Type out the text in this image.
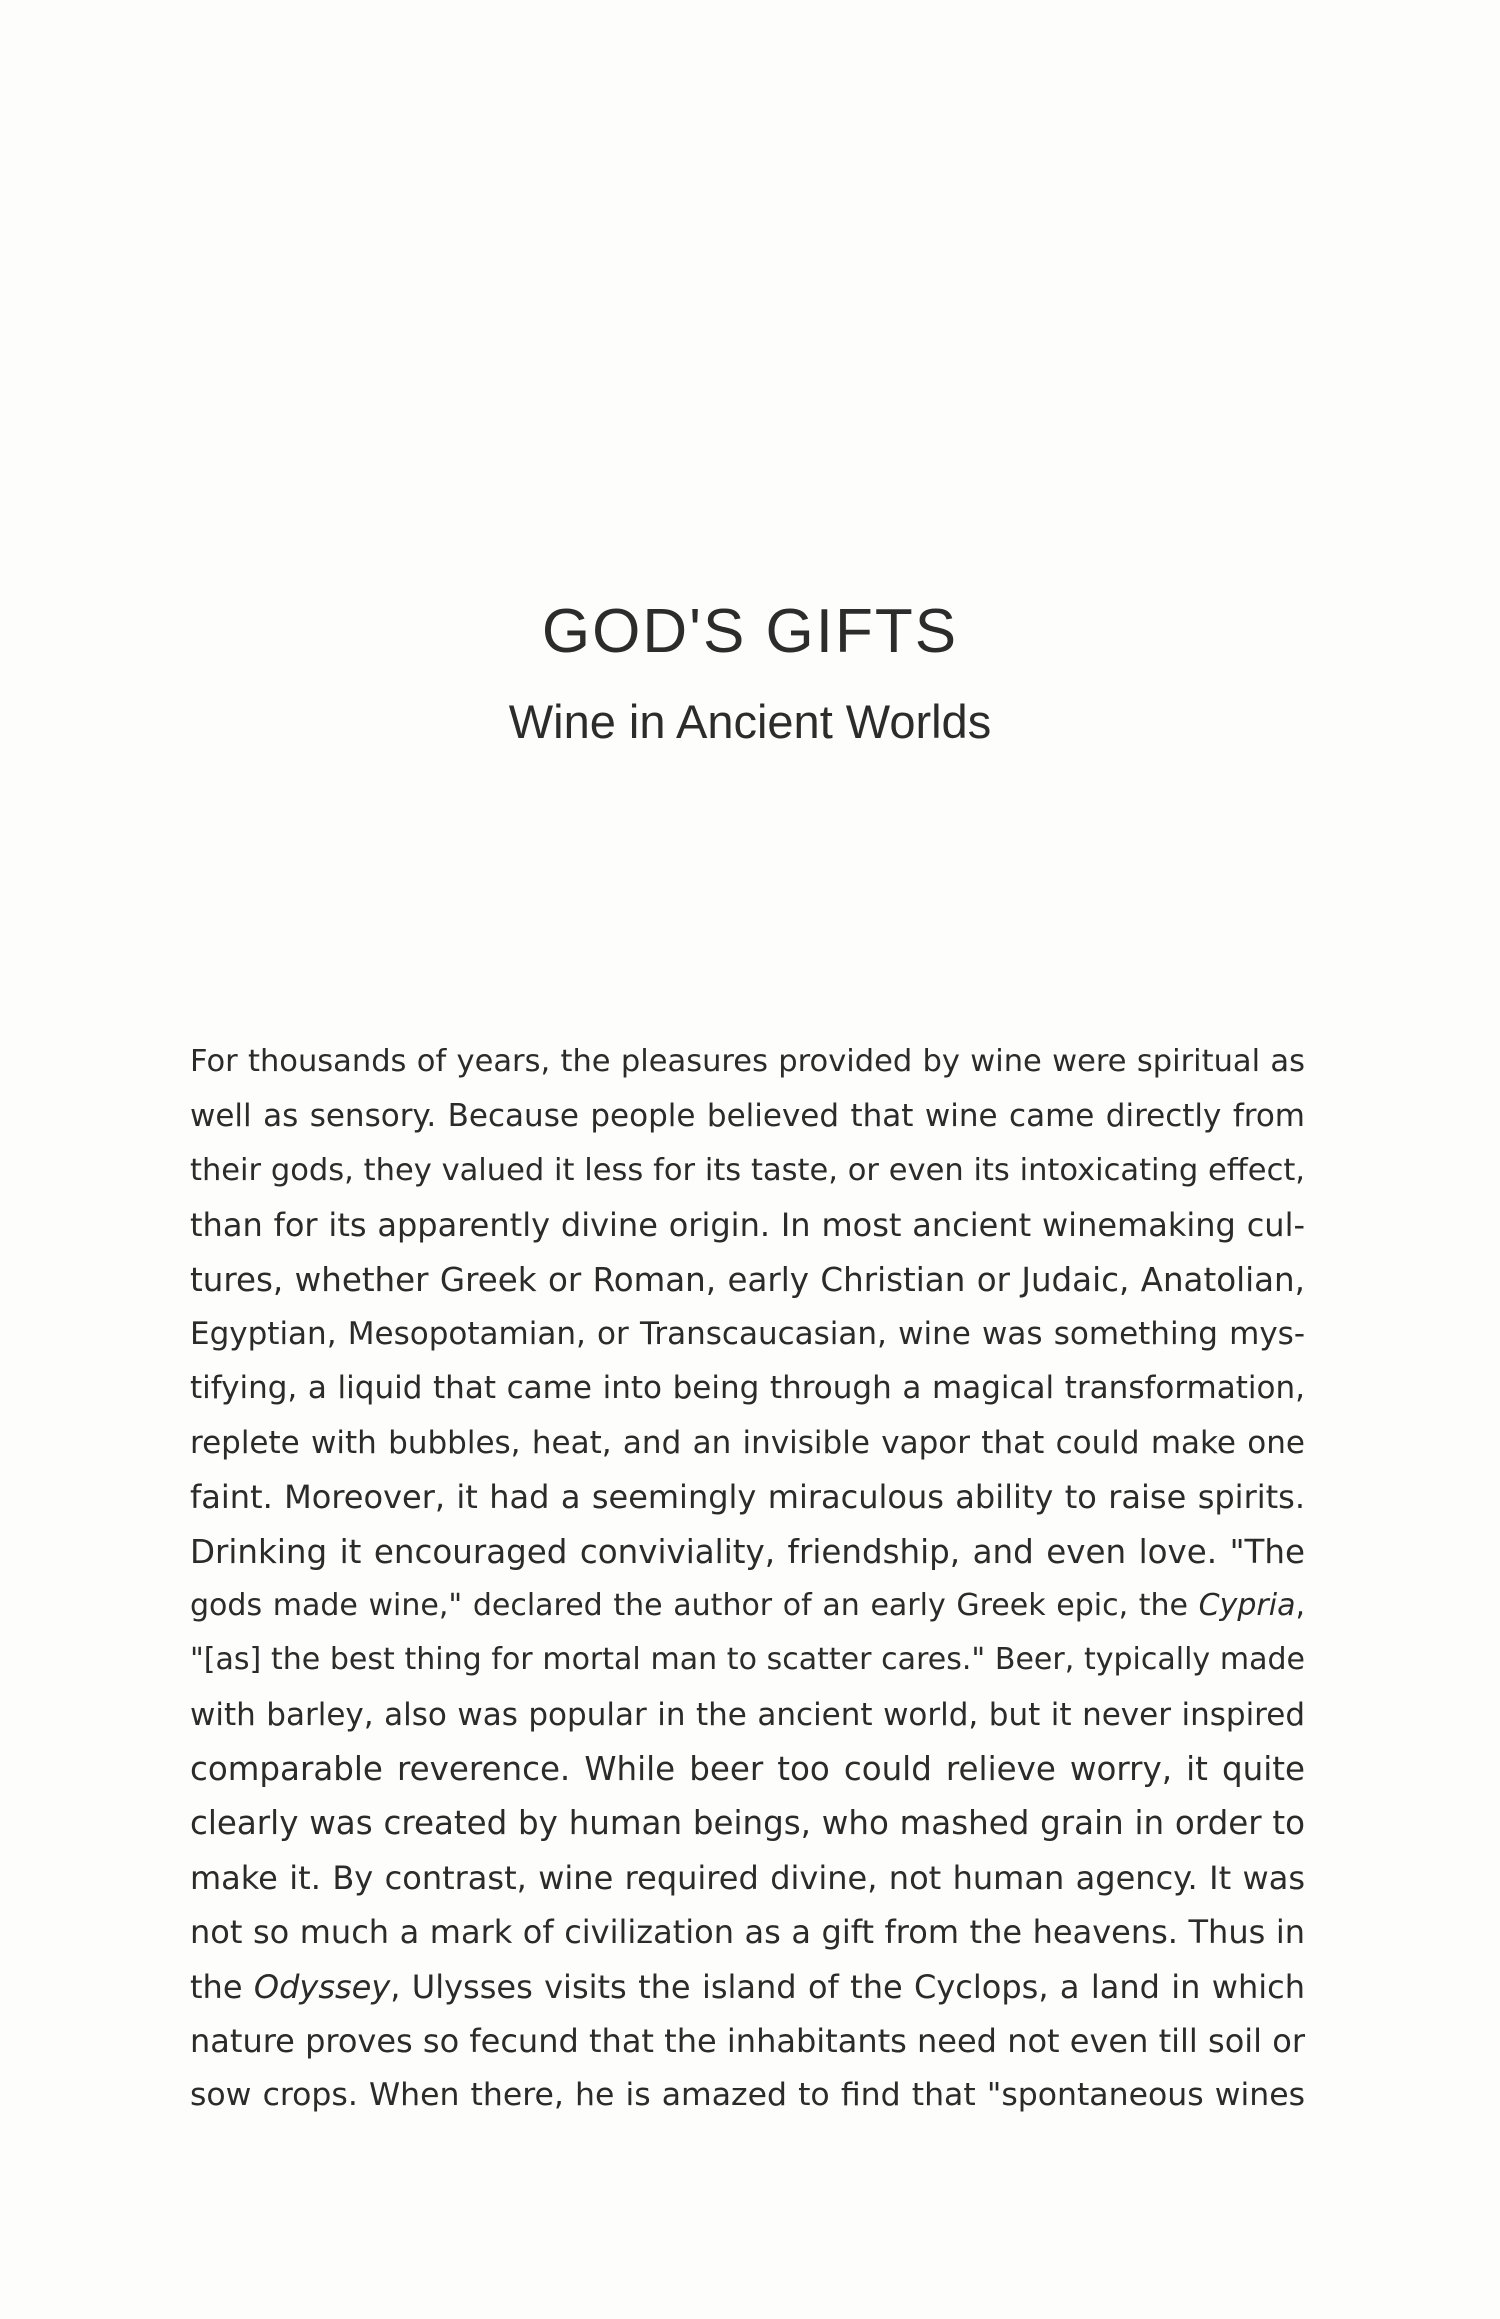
GOD'S GIFTS
Wine in Ancient Worlds
For thousands of years, the pleasures provided by wine were spiritual as
well as sensory. Because people believed that wine came directly from
their gods, they valued it less for its taste, or even its intoxicating effect,
than for its apparently divine origin. In most ancient winemaking cul-
tures, whether Greek or Roman, early Christian or Judaic, Anatolian,
Egyptian, Mesopotamian, or Transcaucasian, wine was something mys-
tifying, a liquid that came into being through a magical transformation,
replete with bubbles, heat, and an invisible vapor that could make one
faint. Moreover, it had a seemingly miraculous ability to raise spirits.
Drinking it encouraged conviviality, friendship, and even love. "The
gods made wine," declared the author of an early Greek epic, the Cypria,
"[as] the best thing for mortal man to scatter cares." Beer, typically made
with barley, also was popular in the ancient world, but it never inspired
comparable reverence. While beer too could relieve worry, it quite
clearly was created by human beings, who mashed grain in order to
make it. By contrast, wine required divine, not human agency. It was
not so much a mark of civilization as a gift from the heavens. Thus in
the Odyssey, Ulysses visits the island of the Cyclops, a land in which
nature proves so fecund that the inhabitants need not even till soil or
sow crops. When there, he is amazed to find that "spontaneous wines
